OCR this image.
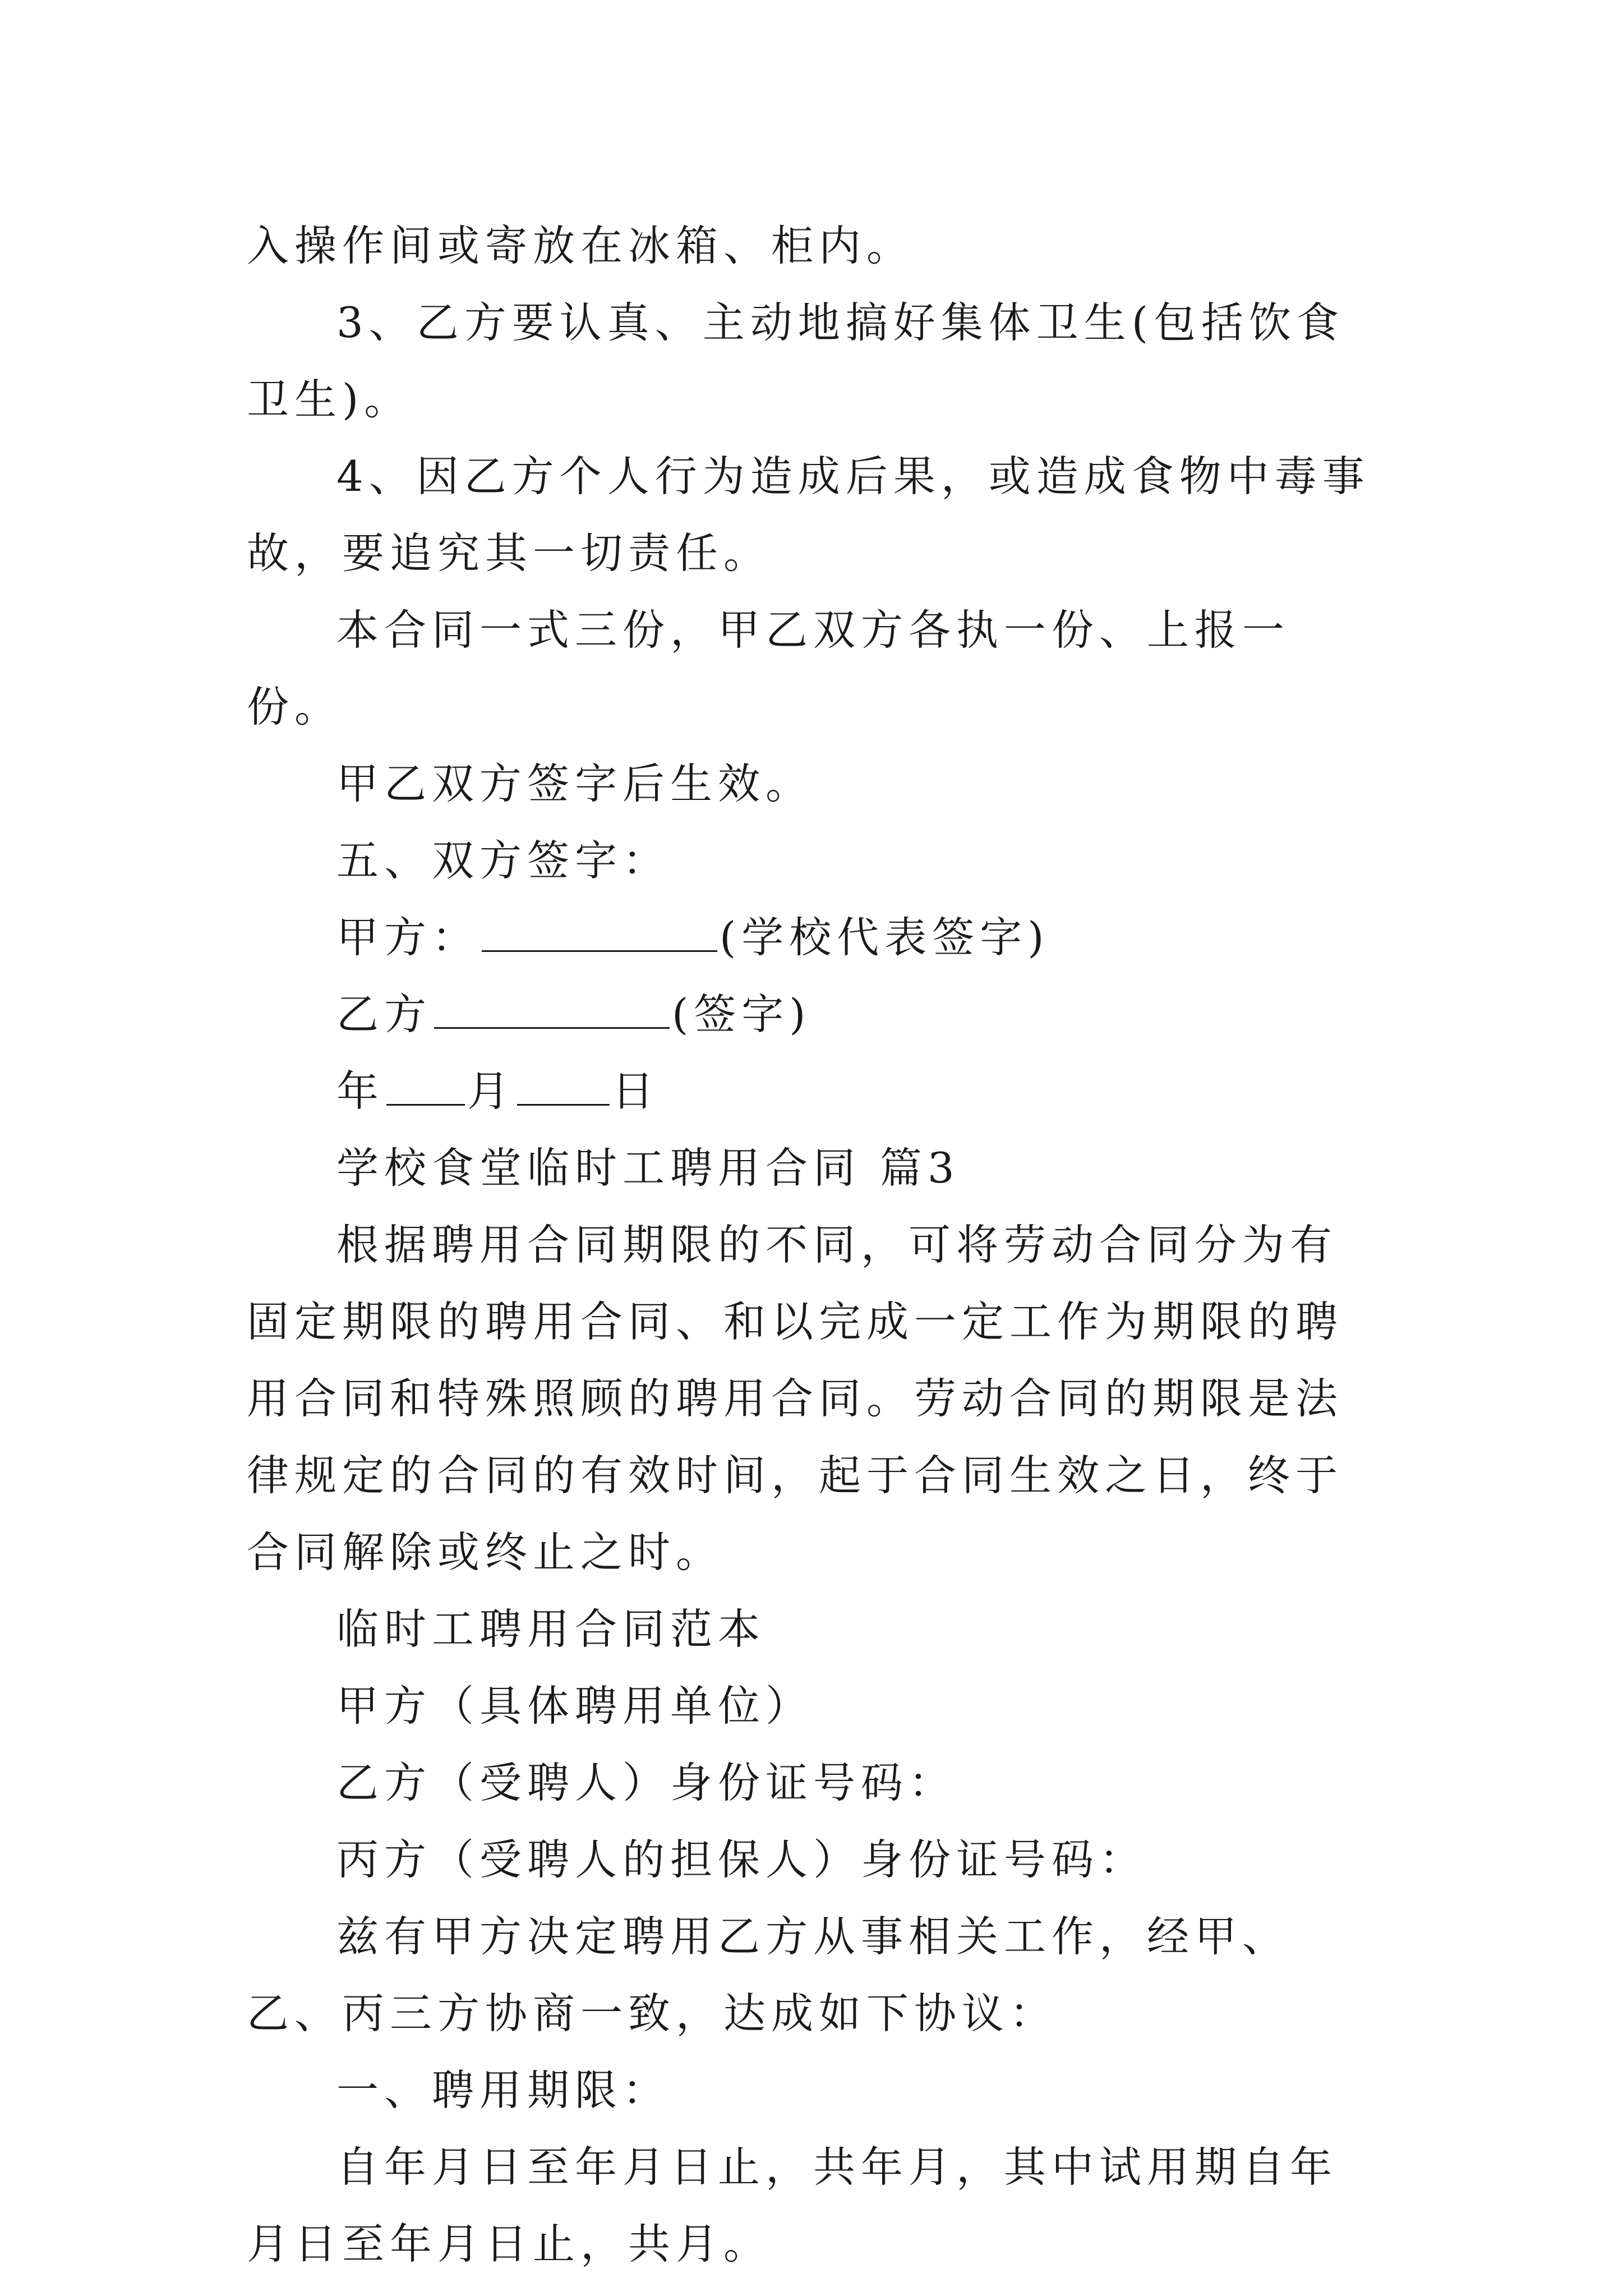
入操作间或寄放在冰箱、柜内。

3、乙方要认真、主动地搞好集体卫生(包括饮食卫生)。

4、因乙方个人行为造成后果，或造成食物中毒事故，要追究其一切责任。

本合同一式三份，甲乙双方各执一份、上报一份。

甲乙双方签字后生效。

五、双方签字：

甲方：	(学校代表签字)

乙方	(签字)

年 月 日

学校食堂临时工聘用合同 篇3

根据聘用合同期限的不同，可将劳动合同分为有固定期限的聘用合同、和以完成一定工作为期限的聘用合同和特殊照顾的聘用合同。劳动合同的期限是法律规定的合同的有效时间，起于合同生效之日，终于合同解除或终止之时。

临时工聘用合同范本

甲方（具体聘用单位）

乙方（受聘人）身份证号码：

丙方（受聘人的担保人）身份证号码：

兹有甲方决定聘用乙方从事相关工作，经甲、乙、丙三方协商一致，达成如下协议：

一、聘用期限：

自年月日至年月日止，共年月，其中试用期自年月日至年月日止，共月。
